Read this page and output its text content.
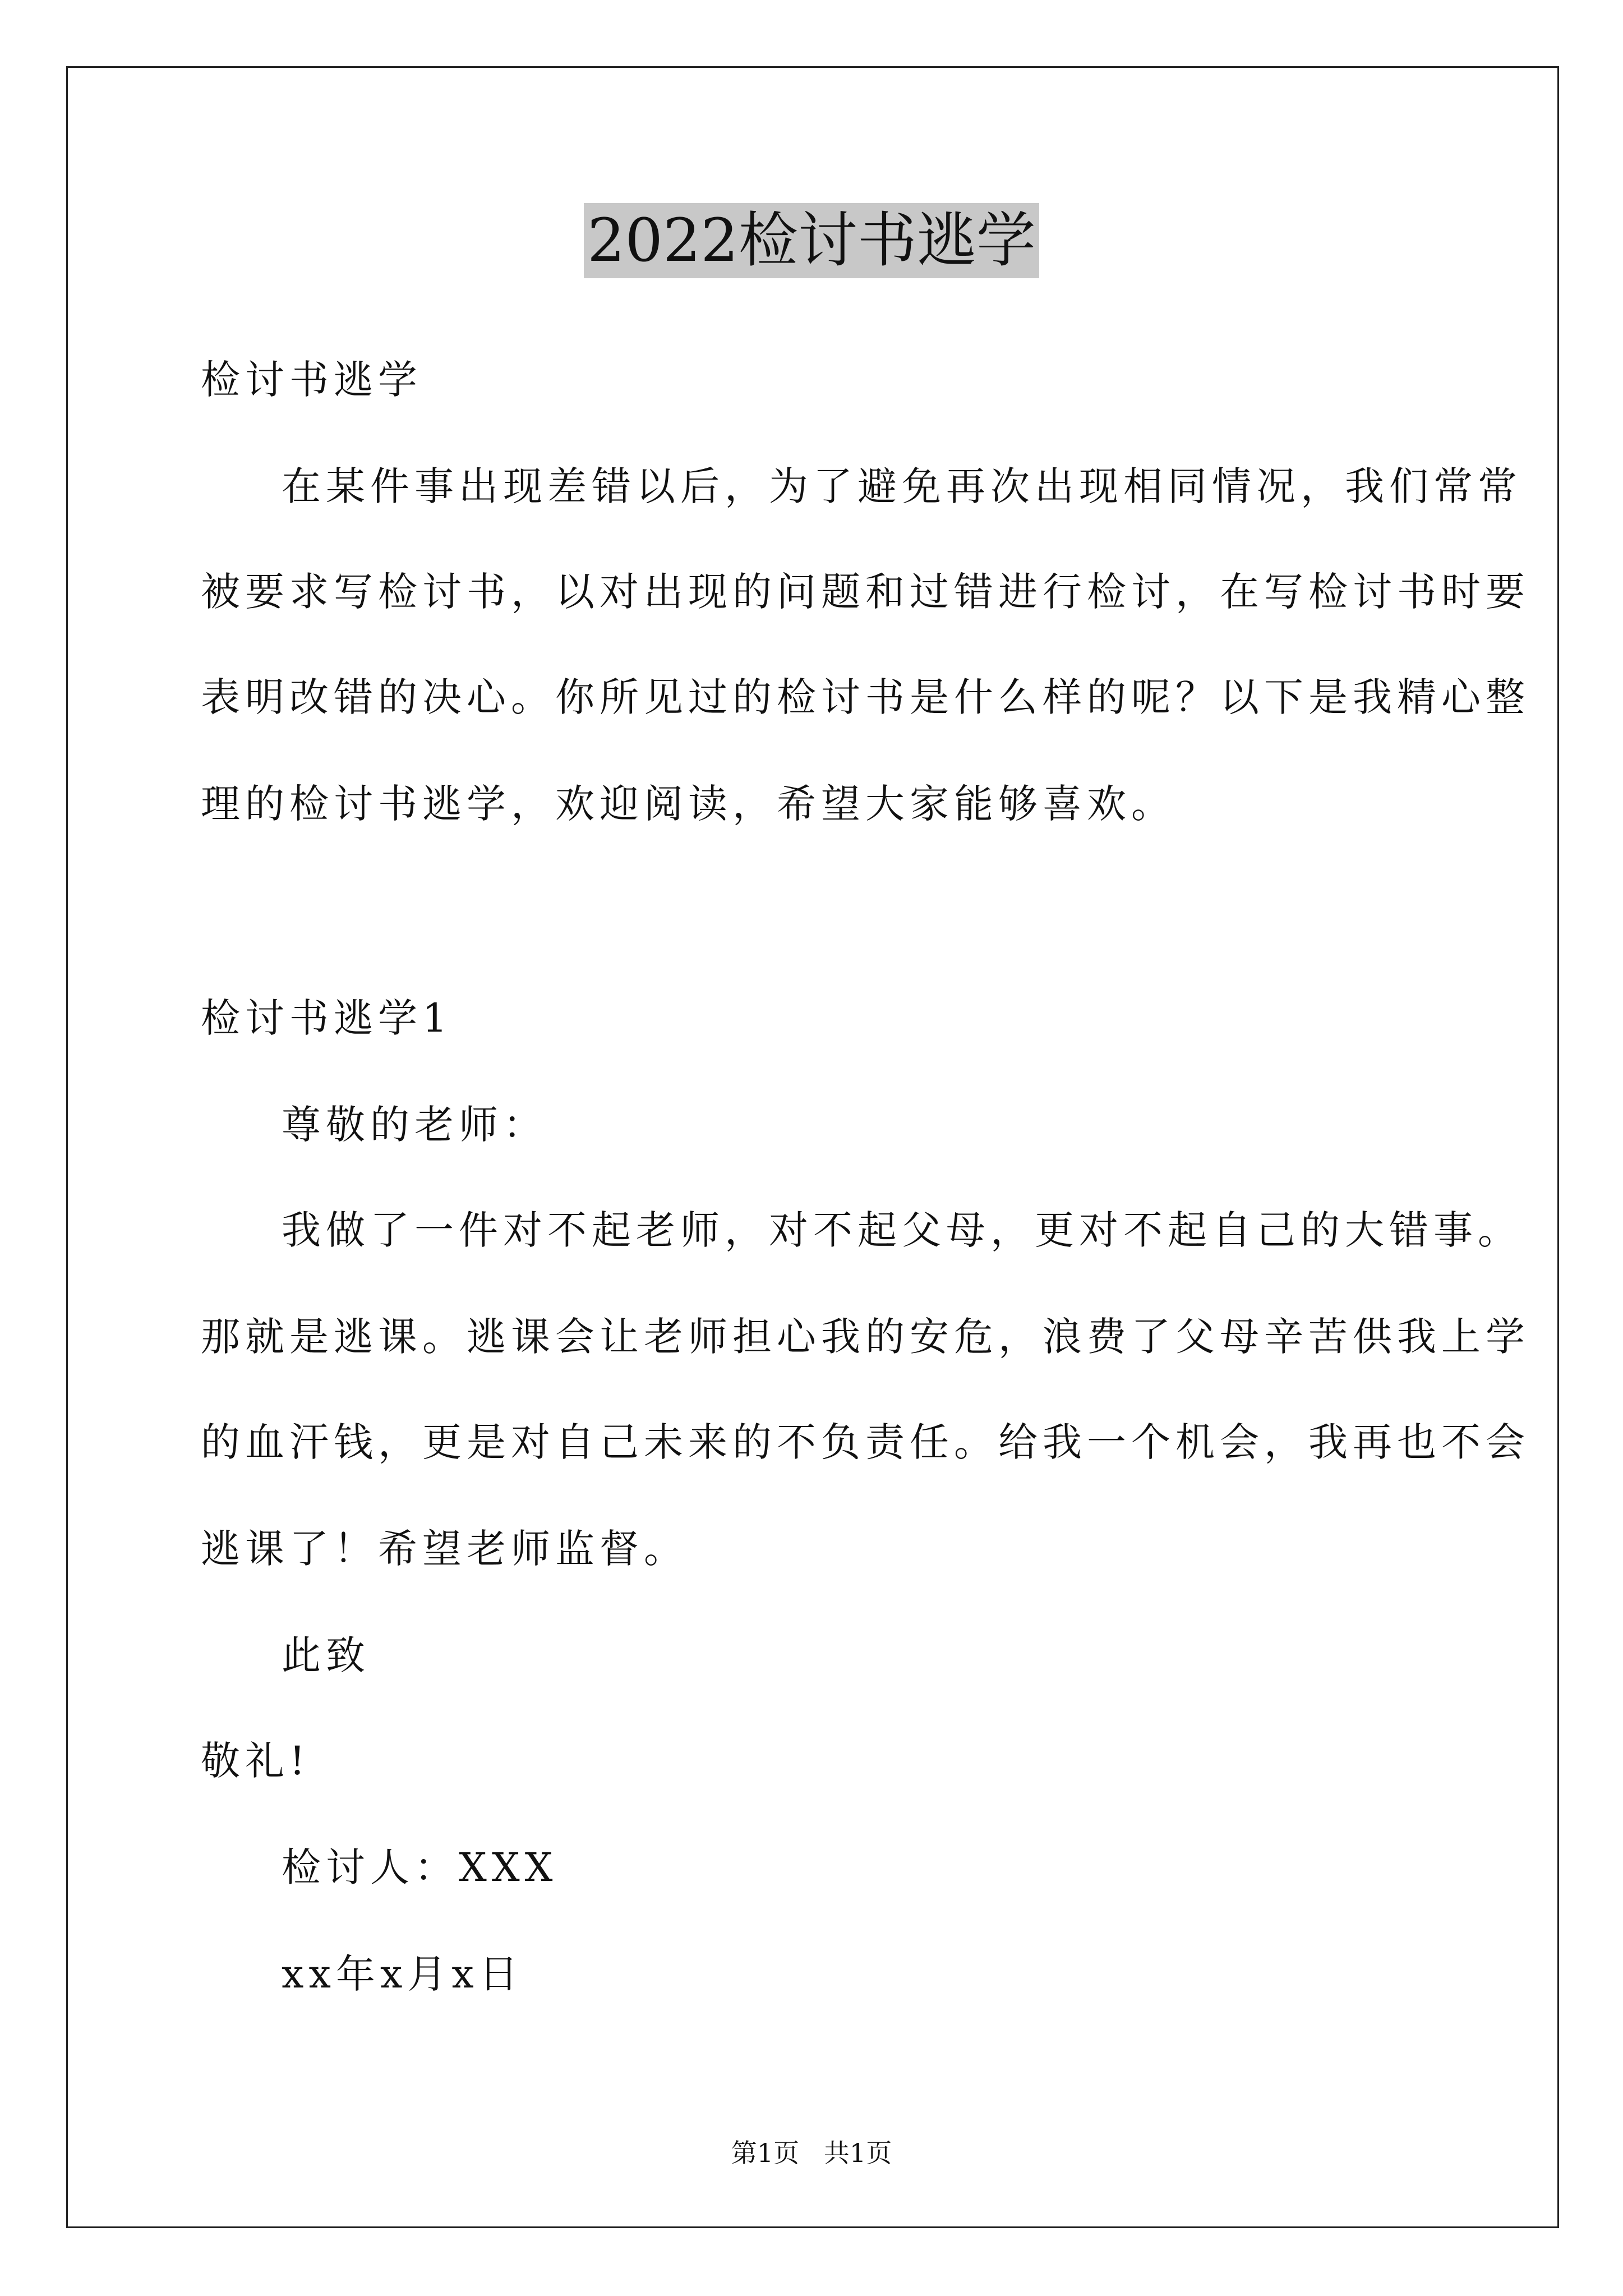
2022检讨书逃学
检讨书逃学
在某件事出现差错以后，为了避免再次出现相同情况，我们常常
被要求写检讨书，以对出现的问题和过错进行检讨，在写检讨书时要
表明改错的决心。你所见过的检讨书是什么样的呢？以下是我精心整
理的检讨书逃学，欢迎阅读，希望大家能够喜欢。
检讨书逃学1
尊敬的老师：
我做了一件对不起老师，对不起父母，更对不起自己的大错事。
那就是逃课。逃课会让老师担心我的安危，浪费了父母辛苦供我上学
的血汗钱，更是对自己未来的不负责任。给我一个机会，我再也不会
逃课了！希望老师监督。
此致
敬礼!
检讨人：XXX
xx年x月x日
第1页   共1页
